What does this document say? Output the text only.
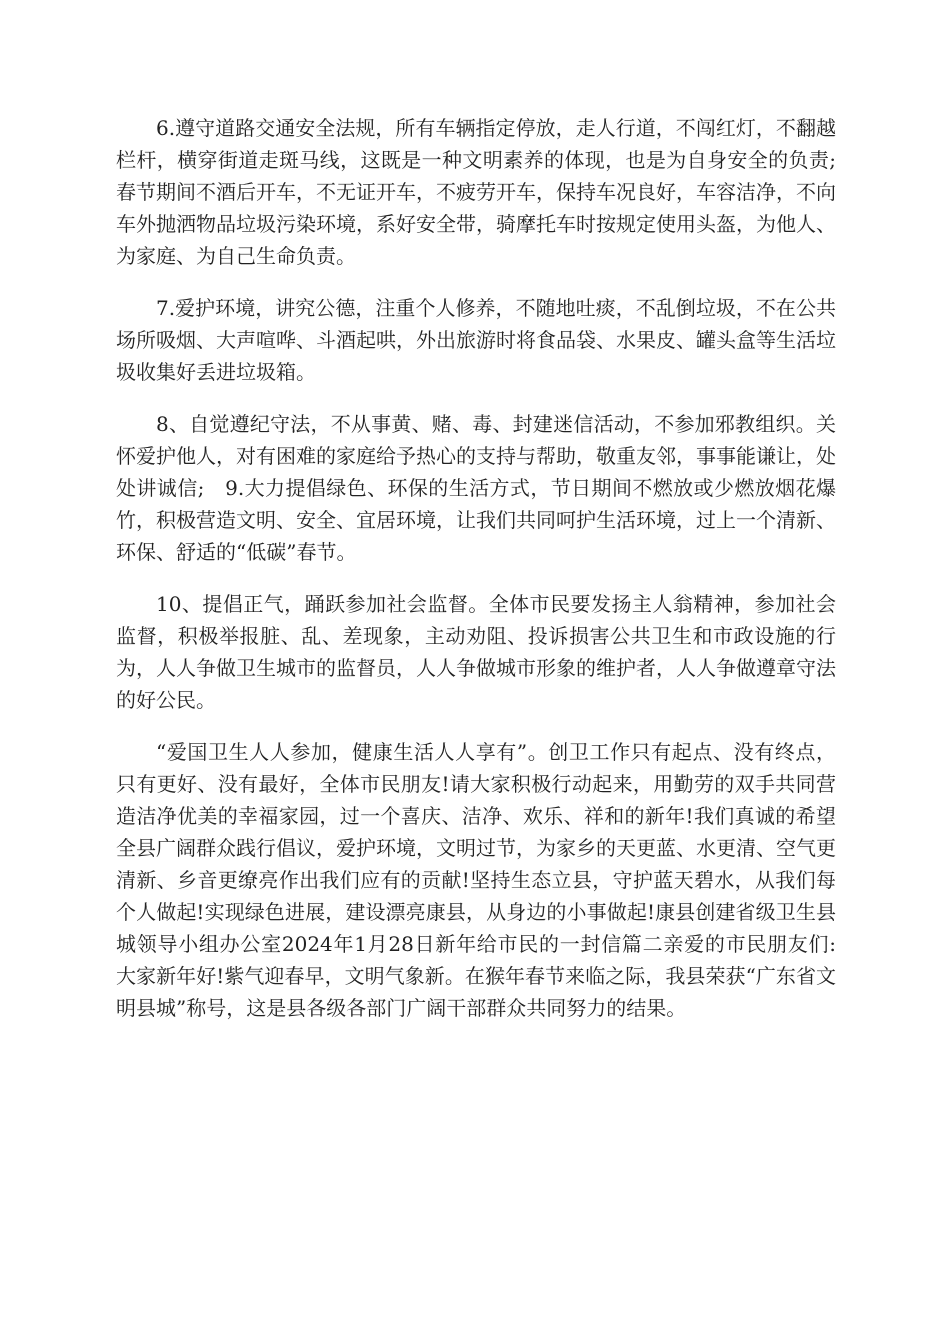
6.遵守道路交通安全法规，所有车辆指定停放，走人行道，不闯红灯，不翻越栏杆，横穿街道走斑马线，这既是一种文明素养的体现，也是为自身安全的负责;春节期间不酒后开车，不无证开车，不疲劳开车，保持车况良好，车容洁净，不向车外抛洒物品垃圾污染环境，系好安全带，骑摩托车时按规定使用头盔，为他人、为家庭、为自己生命负责。

7.爱护环境，讲究公德，注重个人修养，不随地吐痰，不乱倒垃圾，不在公共场所吸烟、大声喧哗、斗酒起哄，外出旅游时将食品袋、水果皮、罐头盒等生活垃圾收集好丢进垃圾箱。

8、自觉遵纪守法，不从事黄、赌、毒、封建迷信活动，不参加邪教组织。关怀爱护他人，对有困难的家庭给予热心的支持与帮助，敬重友邻，事事能谦让，处处讲诚信;　9.大力提倡绿色、环保的生活方式，节日期间不燃放或少燃放烟花爆竹，积极营造文明、安全、宜居环境，让我们共同呵护生活环境，过上一个清新、环保、舒适的“低碳”春节。

10、提倡正气，踊跃参加社会监督。全体市民要发扬主人翁精神，参加社会监督，积极举报脏、乱、差现象，主动劝阻、投诉损害公共卫生和市政设施的行为，人人争做卫生城市的监督员，人人争做城市形象的维护者，人人争做遵章守法的好公民。

“爱国卫生人人参加，健康生活人人享有”。创卫工作只有起点、没有终点，只有更好、没有最好，全体市民朋友!请大家积极行动起来，用勤劳的双手共同营造洁净优美的幸福家园，过一个喜庆、洁净、欢乐、祥和的新年!我们真诚的希望全县广阔群众践行倡议，爱护环境，文明过节，为家乡的天更蓝、水更清、空气更清新、乡音更缭亮作出我们应有的贡献!坚持生态立县，守护蓝天碧水，从我们每个人做起!实现绿色进展，建设漂亮康县，从身边的小事做起!康县创建省级卫生县城领导小组办公室2024年1月28日新年给市民的一封信篇二亲爱的市民朋友们:　　大家新年好!紫气迎春早，文明气象新。在猴年春节来临之际，我县荣获“广东省文明县城”称号，这是县各级各部门广阔干部群众共同努力的结果。
